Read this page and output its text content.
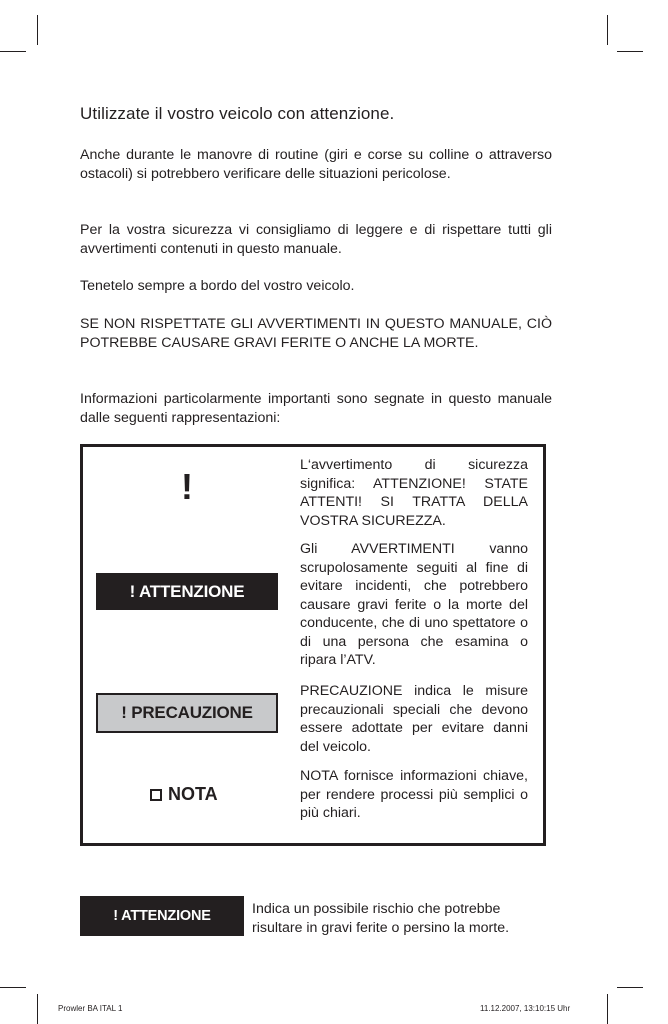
Utilizzate il vostro veicolo con attenzione.

Anche durante le manovre di routine (giri e corse su colline o attraverso ostacoli) si potrebbero verificare delle situazioni pericolose.

Per la vostra sicurezza vi consigliamo di leggere e di rispettare tutti gli avvertimenti contenuti in questo manuale.

Tenetelo sempre a bordo del vostro veicolo.

SE NON RISPETTATE GLI AVVERTIMENTI IN QUESTO MANUALE, CIÒ POTREBBE CAUSARE GRAVI FERITE O ANCHE LA MORTE.

Informazioni particolarmente importanti sono segnate in questo manuale dalle seguenti rappresentazioni:

!
! ATTENZIONE
! PRECAUZIONE
NOTA

L‘avvertimento di sicurezza significa: ATTENZIONE! STATE ATTENTI! SI TRATTA DELLA VOSTRA SICUREZZA.

Gli AVVERTIMENTI vanno scrupolosamente seguiti al fine di evitare incidenti, che potrebbero causare gravi ferite o la morte del conducente, che di uno spettatore o di una persona che esamina o ripara l’ATV.

PRECAUZIONE indica le misure precauzionali speciali che devono essere adottate per evitare danni del veicolo.

NOTA fornisce informazioni chiave, per rendere processi più semplici o più chiari.

! ATTENZIONE	Indica un possibile rischio che potrebbe risultare in gravi ferite o persino la morte.

Prowler BA ITAL 1	11.12.2007, 13:10:15 Uhr
